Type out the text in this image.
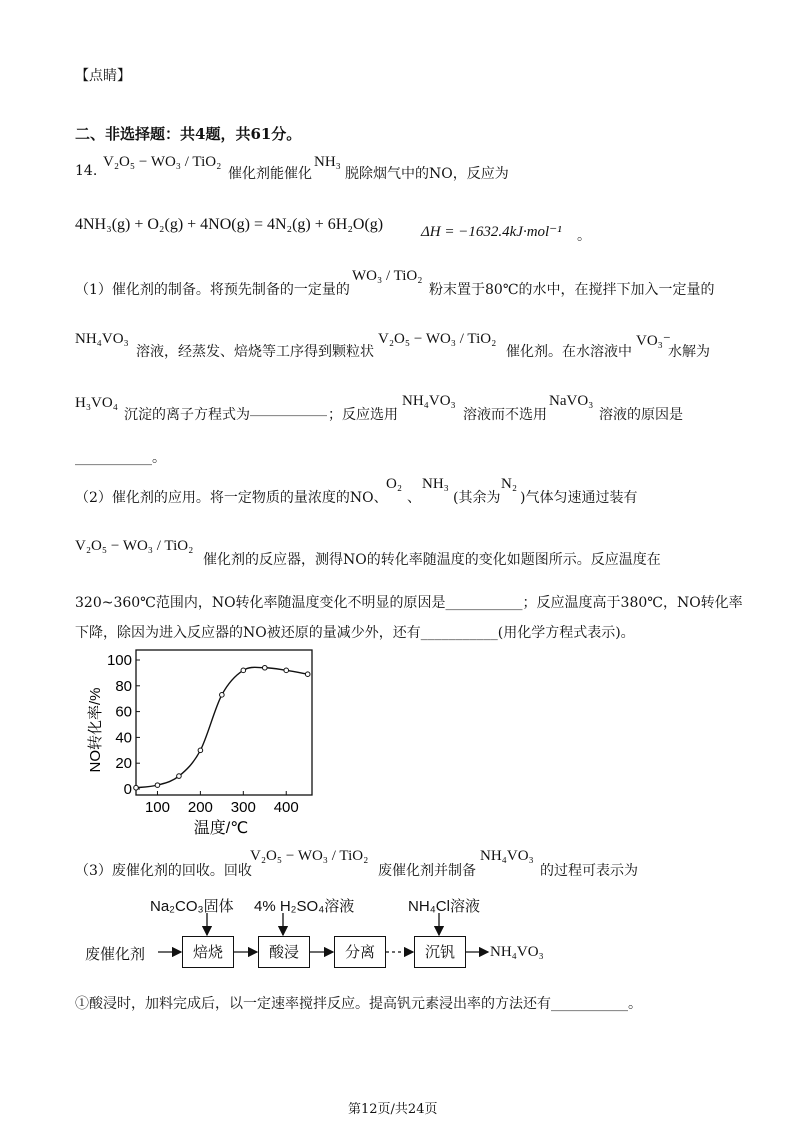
【点睛】
二、非选择题：共4题，共61分。
14.
V₂O₅ − WO₃ / TiO₂
催化剂能催化
NH₃
脱除烟气中的NO，反应为
4NH₃(g) + O₂(g) + 4NO(g) = 4N₂(g) + 6H₂O(g)	ΔH = −1632.4kJ·mol⁻¹ 。
（1）催化剂的制备。将预先制备的一定量的
WO₃ / TiO₂
粉末置于80℃的水中，在搅拌下加入一定量的
NH₄VO₃
溶液，经蒸发、焙烧等工序得到颗粒状
V₂O₅ − WO₃ / TiO₂
催化剂。在水溶液中
VO₃⁻
水解为
H₃VO₄
沉淀的离子方程式为 ___________ ；反应选用
NH₄VO₃
溶液而不选用
NaVO₃
溶液的原因是
___________。
（2）催化剂的应用。将一定物质的量浓度的NO、
O₂
、
NH₃
(其余为
N₂
)气体匀速通过装有
V₂O₅ − WO₃ / TiO₂
催化剂的反应器，测得NO的转化率随温度的变化如题图所示。反应温度在
320~360℃范围内，NO转化率随温度变化不明显的原因是___________；反应温度高于380℃，NO转化率
下降，除因为进入反应器的NO被还原的量减少外，还有___________(用化学方程式表示)。
0
20
40
60
80
100
100 200 300 400
温度/℃
NO转化率/%
（3）废催化剂的回收。回收
V₂O₅ − WO₃ / TiO₂
废催化剂并制备
NH₄VO₃
的过程可表示为
Na₂CO₃固体 4% H₂SO₄溶液	NH₄Cl溶液
废催化剂	焙烧	酸浸	分离	沉钒	NH₄VO₃
①酸浸时，加料完成后，以一定速率搅拌反应。提高钒元素浸出率的方法还有___________。
第12页/共24页
